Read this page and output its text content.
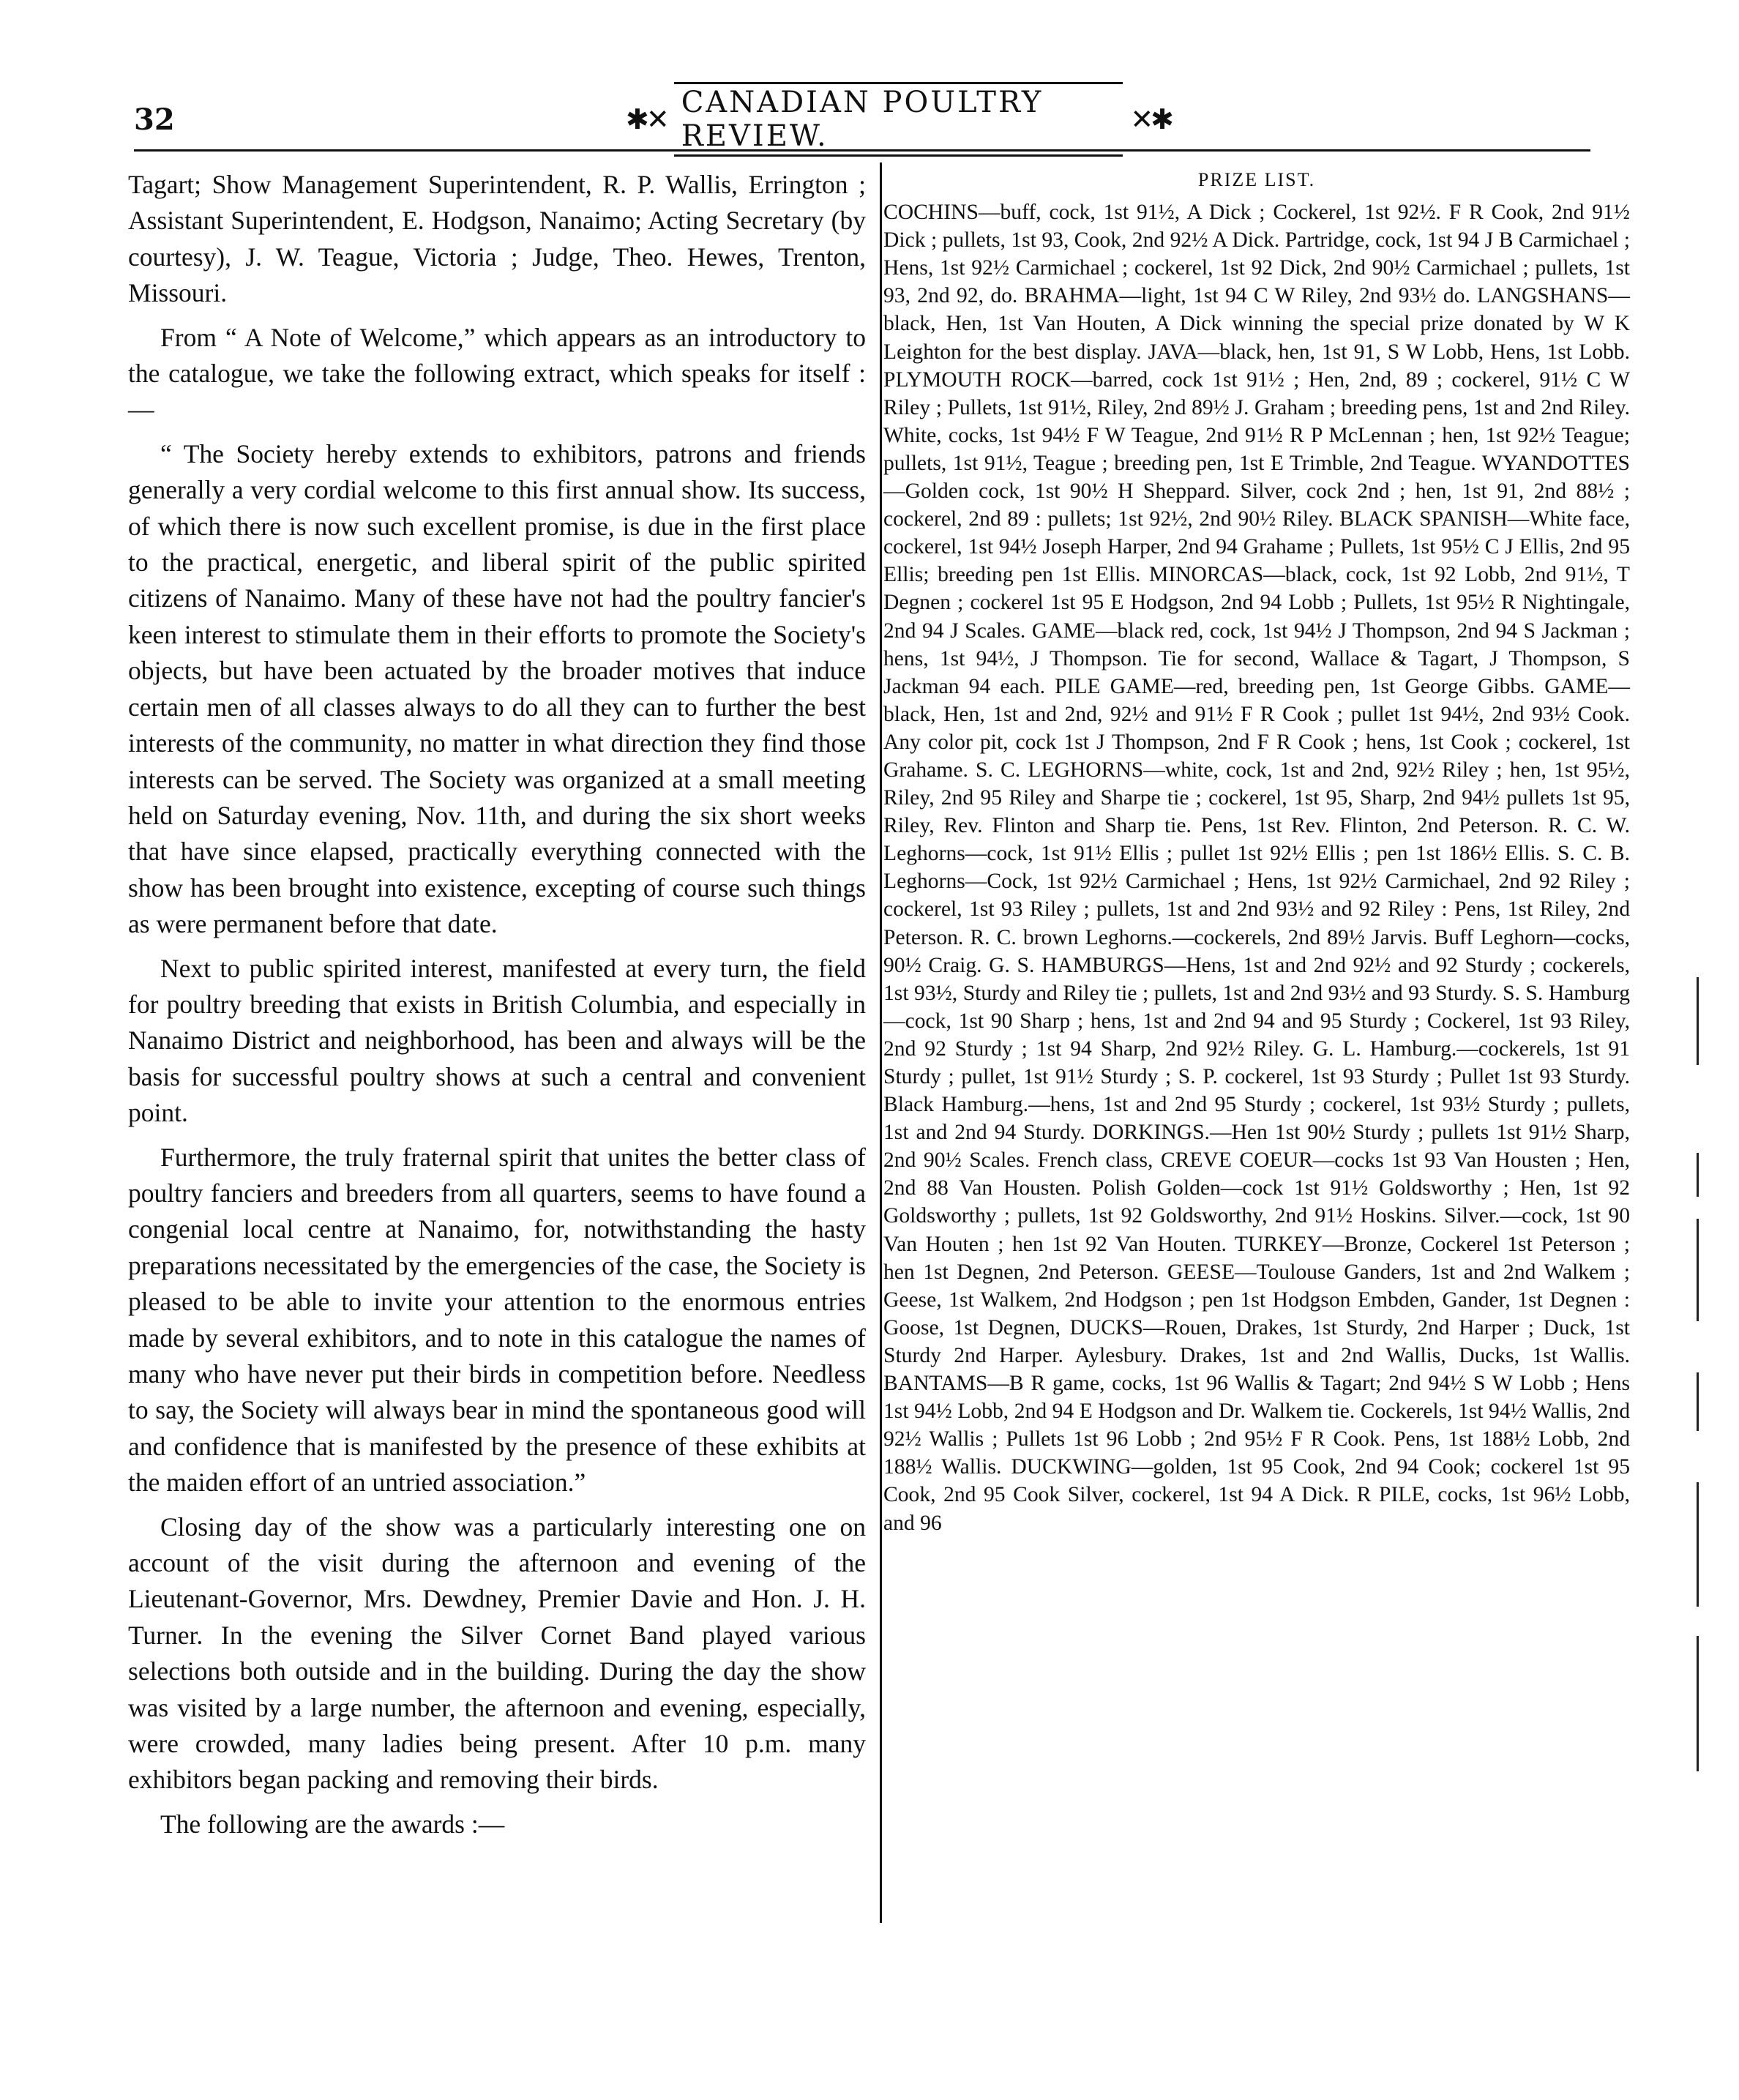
32	✱✕ CANADIAN POULTRY REVIEW.	✕✱

Tagart; Show Management Superintendent, R. P. Wallis, Errington ; Assistant Superintendent, E. Hodgson, Nanaimo; Acting Secretary (by courtesy), J. W. Teague, Victoria ; Judge, Theo. Hewes, Trenton, Missouri.

From “ A Note of Welcome,” which appears as an introductory to the catalogue, we take the following extract, which speaks for itself :—

“ The Society hereby extends to exhibitors, patrons and friends generally a very cordial welcome to this first annual show. Its success, of which there is now such excellent promise, is due in the first place to the practical, energetic, and liberal spirit of the public spirited citizens of Nanaimo. Many of these have not had the poultry fancier's keen interest to stimulate them in their efforts to promote the Society's objects, but have been actuated by the broader motives that induce certain men of all classes always to do all they can to further the best interests of the community, no matter in what direction they find those interests can be served. The Society was organized at a small meeting held on Saturday evening, Nov. 11th, and during the six short weeks that have since elapsed, practically everything connected with the show has been brought into existence, excepting of course such things as were permanent before that date.

Next to public spirited interest, manifested at every turn, the field for poultry breeding that exists in British Columbia, and especially in Nanaimo District and neighborhood, has been and always will be the basis for successful poultry shows at such a central and convenient point.

Furthermore, the truly fraternal spirit that unites the better class of poultry fanciers and breeders from all quarters, seems to have found a congenial local centre at Nanaimo, for, notwithstanding the hasty preparations necessitated by the emergencies of the case, the Society is pleased to be able to invite your attention to the enormous entries made by several exhibitors, and to note in this catalogue the names of many who have never put their birds in competition before. Needless to say, the Society will always bear in mind the spontaneous good will and confidence that is manifested by the presence of these exhibits at the maiden effort of an untried association.”

Closing day of the show was a particularly interesting one on account of the visit during the afternoon and evening of the Lieutenant-Governor, Mrs. Dewdney, Premier Davie and Hon. J. H. Turner. In the evening the Silver Cornet Band played various selections both outside and in the building. During the day the show was visited by a large number, the afternoon and evening, especially, were crowded, many ladies being present. After 10 p.m. many exhibitors began packing and removing their birds.

The following are the awards :—

PRIZE LIST.

COCHINS—buff, cock, 1st 91½, A Dick ; Cockerel, 1st 92½. F R Cook, 2nd 91½ Dick ; pullets, 1st 93, Cook, 2nd 92½ A Dick. Partridge, cock, 1st 94 J B Carmichael ; Hens, 1st 92½ Carmichael ; cockerel, 1st 92 Dick, 2nd 90½ Carmichael ; pullets, 1st 93, 2nd 92, do. BRAHMA—light, 1st 94 C W Riley, 2nd 93½ do. LANGSHANS—black, Hen, 1st Van Houten, A Dick winning the special prize donated by W K Leighton for the best display. JAVA—black, hen, 1st 91, S W Lobb, Hens, 1st Lobb. PLYMOUTH ROCK—barred, cock 1st 91½ ; Hen, 2nd, 89 ; cockerel, 91½ C W Riley ; Pullets, 1st 91½, Riley, 2nd 89½ J. Graham ; breeding pens, 1st and 2nd Riley. White, cocks, 1st 94½ F W Teague, 2nd 91½ R P McLennan ; hen, 1st 92½ Teague; pullets, 1st 91½, Teague ; breeding pen, 1st E Trimble, 2nd Teague. WYANDOTTES—Golden cock, 1st 90½ H Sheppard. Silver, cock 2nd ; hen, 1st 91, 2nd 88½ ; cockerel, 2nd 89 : pullets; 1st 92½, 2nd 90½ Riley. BLACK SPANISH—White face, cockerel, 1st 94½ Joseph Harper, 2nd 94 Grahame ; Pullets, 1st 95½ C J Ellis, 2nd 95 Ellis; breeding pen 1st Ellis. MINORCAS—black, cock, 1st 92 Lobb, 2nd 91½, T Degnen ; cockerel 1st 95 E Hodgson, 2nd 94 Lobb ; Pullets, 1st 95½ R Nightingale, 2nd 94 J Scales. GAME—black red, cock, 1st 94½ J Thompson, 2nd 94 S Jackman ; hens, 1st 94½, J Thompson. Tie for second, Wallace & Tagart, J Thompson, S Jackman 94 each. PILE GAME—red, breeding pen, 1st George Gibbs. GAME—black, Hen, 1st and 2nd, 92½ and 91½ F R Cook ; pullet 1st 94½, 2nd 93½ Cook. Any color pit, cock 1st J Thompson, 2nd F R Cook ; hens, 1st Cook ; cockerel, 1st Grahame. S. C. LEGHORNS—white, cock, 1st and 2nd, 92½ Riley ; hen, 1st 95½, Riley, 2nd 95 Riley and Sharpe tie ; cockerel, 1st 95, Sharp, 2nd 94½ pullets 1st 95, Riley, Rev. Flinton and Sharp tie. Pens, 1st Rev. Flinton, 2nd Peterson. R. C. W. Leghorns—cock, 1st 91½ Ellis ; pullet 1st 92½ Ellis ; pen 1st 186½ Ellis. S. C. B. Leghorns—Cock, 1st 92½ Carmichael ; Hens, 1st 92½ Carmichael, 2nd 92 Riley ; cockerel, 1st 93 Riley ; pullets, 1st and 2nd 93½ and 92 Riley : Pens, 1st Riley, 2nd Peterson. R. C. brown Leghorns.—cockerels, 2nd 89½ Jarvis. Buff Leghorn—cocks, 90½ Craig. G. S. HAMBURGS—Hens, 1st and 2nd 92½ and 92 Sturdy ; cockerels, 1st 93½, Sturdy and Riley tie ; pullets, 1st and 2nd 93½ and 93 Sturdy. S. S. Hamburg—cock, 1st 90 Sharp ; hens, 1st and 2nd 94 and 95 Sturdy ; Cockerel, 1st 93 Riley, 2nd 92 Sturdy ; 1st 94 Sharp, 2nd 92½ Riley. G. L. Hamburg.—cockerels, 1st 91 Sturdy ; pullet, 1st 91½ Sturdy ; S. P. cockerel, 1st 93 Sturdy ; Pullet 1st 93 Sturdy. Black Hamburg.—hens, 1st and 2nd 95 Sturdy ; cockerel, 1st 93½ Sturdy ; pullets, 1st and 2nd 94 Sturdy. DORKINGS.—Hen 1st 90½ Sturdy ; pullets 1st 91½ Sharp, 2nd 90½ Scales. French class, CREVE COEUR—cocks 1st 93 Van Housten ; Hen, 2nd 88 Van Housten. Polish Golden—cock 1st 91½ Goldsworthy ; Hen, 1st 92 Goldsworthy ; pullets, 1st 92 Goldsworthy, 2nd 91½ Hoskins. Silver.—cock, 1st 90 Van Houten ; hen 1st 92 Van Houten. TURKEY—Bronze, Cockerel 1st Peterson ; hen 1st Degnen, 2nd Peterson. GEESE—Toulouse Ganders, 1st and 2nd Walkem ; Geese, 1st Walkem, 2nd Hodgson ; pen 1st Hodgson Embden, Gander, 1st Degnen : Goose, 1st Degnen, DUCKS—Rouen, Drakes, 1st Sturdy, 2nd Harper ; Duck, 1st Sturdy 2nd Harper. Aylesbury. Drakes, 1st and 2nd Wallis, Ducks, 1st Wallis. BANTAMS—B R game, cocks, 1st 96 Wallis & Tagart; 2nd 94½ S W Lobb ; Hens 1st 94½ Lobb, 2nd 94 E Hodgson and Dr. Walkem tie. Cockerels, 1st 94½ Wallis, 2nd 92½ Wallis ; Pullets 1st 96 Lobb ; 2nd 95½ F R Cook. Pens, 1st 188½ Lobb, 2nd 188½ Wallis. DUCKWING—golden, 1st 95 Cook, 2nd 94 Cook; cockerel 1st 95 Cook, 2nd 95 Cook Silver, cockerel, 1st 94 A Dick. R PILE, cocks, 1st 96½ Lobb, and 96
